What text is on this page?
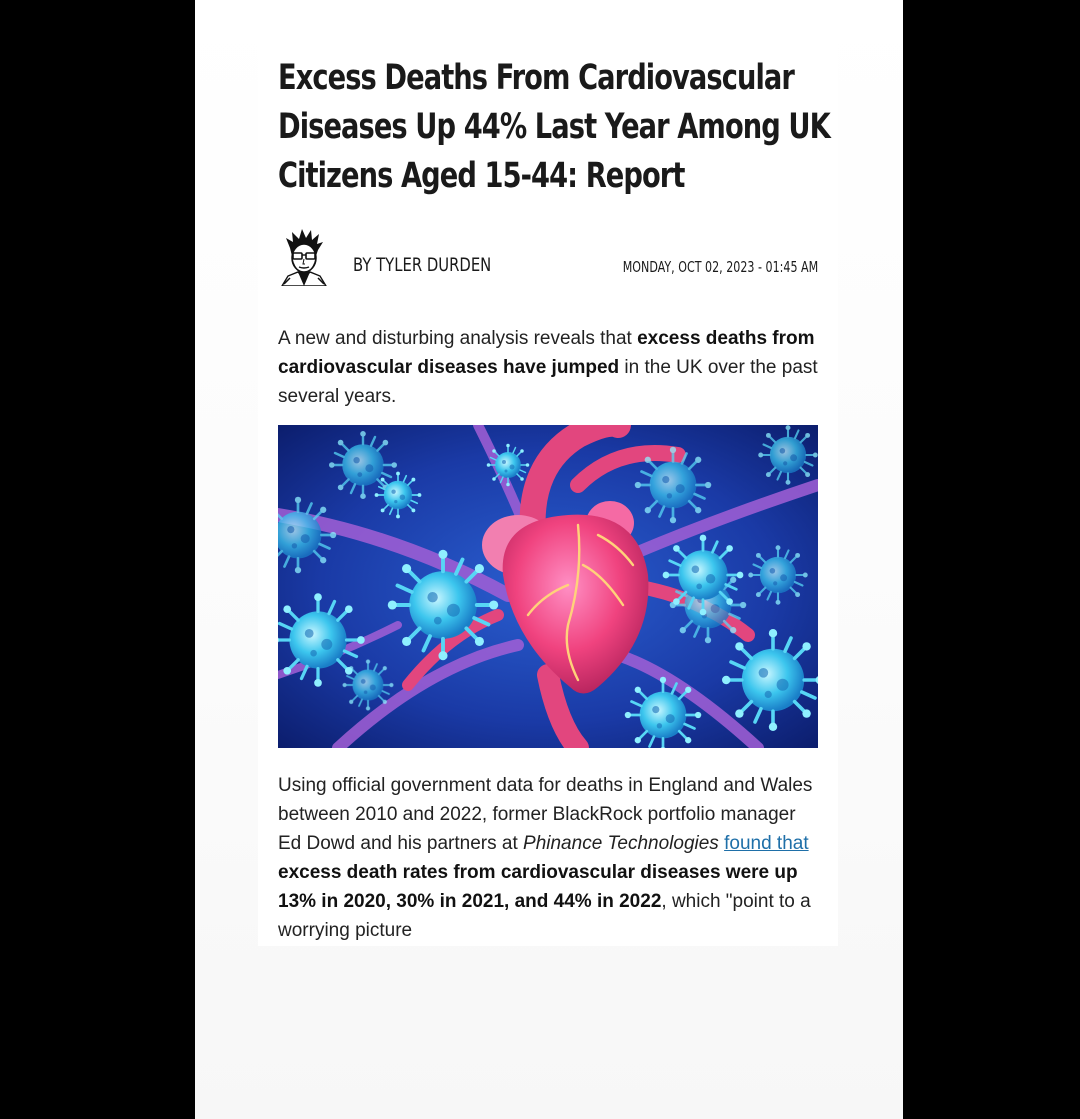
Excess Deaths From Cardiovascular Diseases Up 44% Last Year Among UK Citizens Aged 15-44: Report
BY TYLER DURDEN	MONDAY, OCT 02, 2023 - 01:45 AM

A new and disturbing analysis reveals that excess deaths from cardiovascular diseases have jumped in the UK over the past several years.

Using official government data for deaths in England and Wales between 2010 and 2022, former BlackRock portfolio manager Ed Dowd and his partners at Phinance Technologies found that excess death rates from cardiovascular diseases were up 13% in 2020, 30% in 2021, and 44% in 2022, which "point to a worrying picture
